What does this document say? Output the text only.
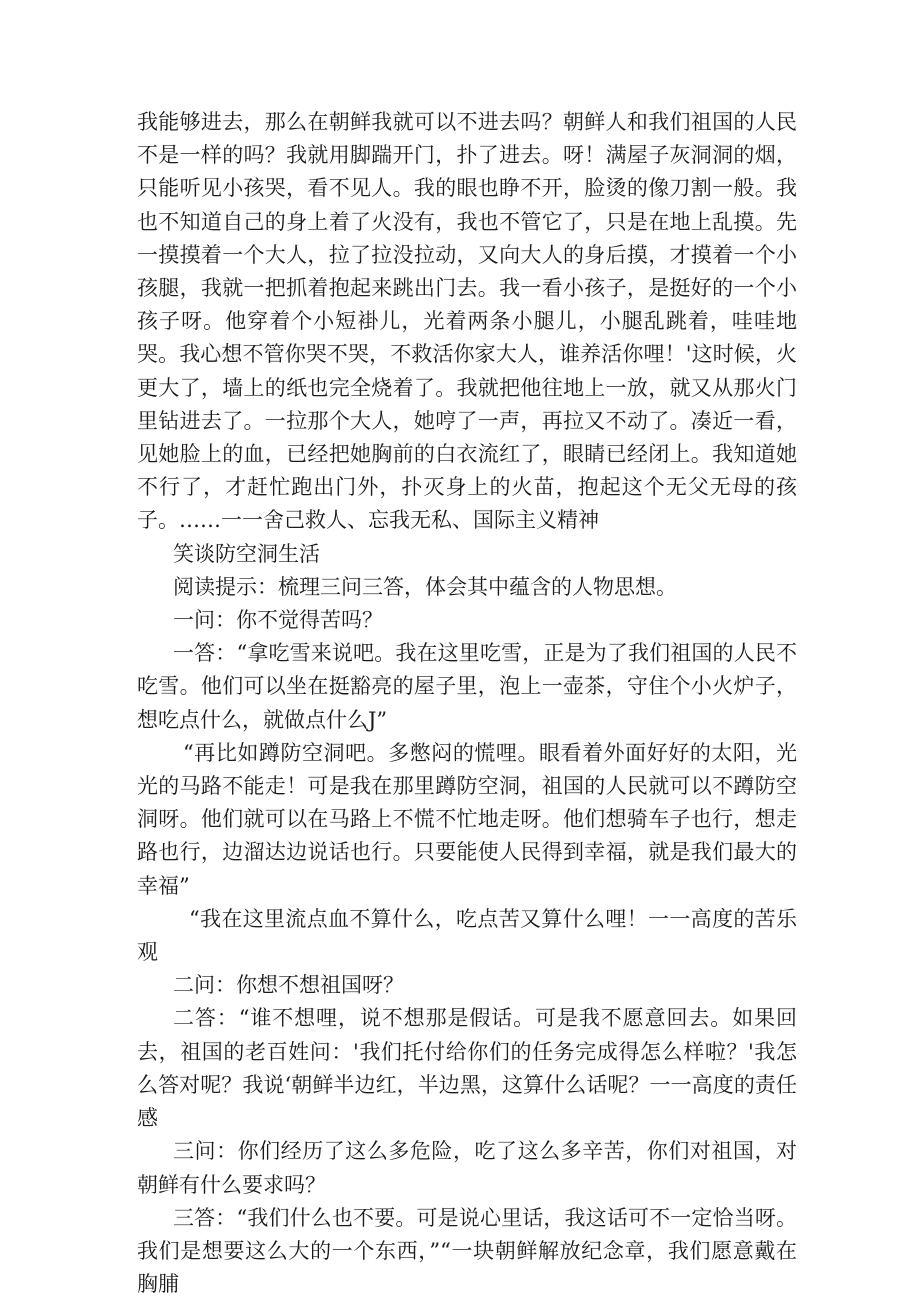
我能够进去，那么在朝鲜我就可以不进去吗？朝鲜人和我们祖国的人民不是一样的吗？我就用脚踹开门，扑了进去。呀！满屋子灰洞洞的烟，只能听见小孩哭，看不见人。我的眼也睁不开，脸烫的像刀割一般。我也不知道自己的身上着了火没有，我也不管它了，只是在地上乱摸。先一摸摸着一个大人，拉了拉没拉动，又向大人的身后摸，才摸着一个小孩腿，我就一把抓着抱起来跳出门去。我一看小孩子，是挺好的一个小孩子呀。他穿着个小短褂儿，光着两条小腿儿，小腿乱跳着，哇哇地哭。我心想不管你哭不哭，不救活你家大人，谁养活你哩！'这时候，火更大了，墙上的纸也完全烧着了。我就把他往地上一放，就又从那火门里钻进去了。一拉那个大人，她哼了一声，再拉又不动了。凑近一看，见她脸上的血，已经把她胸前的白衣流红了，眼睛已经闭上。我知道她不行了，才赶忙跑出门外，扑灭身上的火苗，抱起这个无父无母的孩子。……一一舍己救人、忘我无私、国际主义精神

笑谈防空洞生活

阅读提示：梳理三问三答，体会其中蕴含的人物思想。

一问：你不觉得苦吗？

一答：“拿吃雪来说吧。我在这里吃雪，正是为了我们祖国的人民不吃雪。他们可以坐在挺豁亮的屋子里，泡上一壶茶，守住个小火炉子，想吃点什么，就做点什么J”

“再比如蹲防空洞吧。多憋闷的慌哩。眼看着外面好好的太阳，光光的马路不能走！可是我在那里蹲防空洞，祖国的人民就可以不蹲防空洞呀。他们就可以在马路上不慌不忙地走呀。他们想骑车子也行，想走路也行，边溜达边说话也行。只要能使人民得到幸福，就是我们最大的幸福”

“我在这里流点血不算什么，吃点苦又算什么哩！一一高度的苦乐观

二问：你想不想祖国呀？

二答：“谁不想哩，说不想那是假话。可是我不愿意回去。如果回去，祖国的老百姓问：'我们托付给你们的任务完成得怎么样啦？'我怎么答对呢？我说‘朝鲜半边红，半边黑，这算什么话呢？一一高度的责任感

三问：你们经历了这么多危险，吃了这么多辛苦，你们对祖国，对朝鲜有什么要求吗？

三答：“我们什么也不要。可是说心里话，我这话可不一定恰当呀。我们是想要这么大的一个东西，”“一块朝鲜解放纪念章，我们愿意戴在胸脯
